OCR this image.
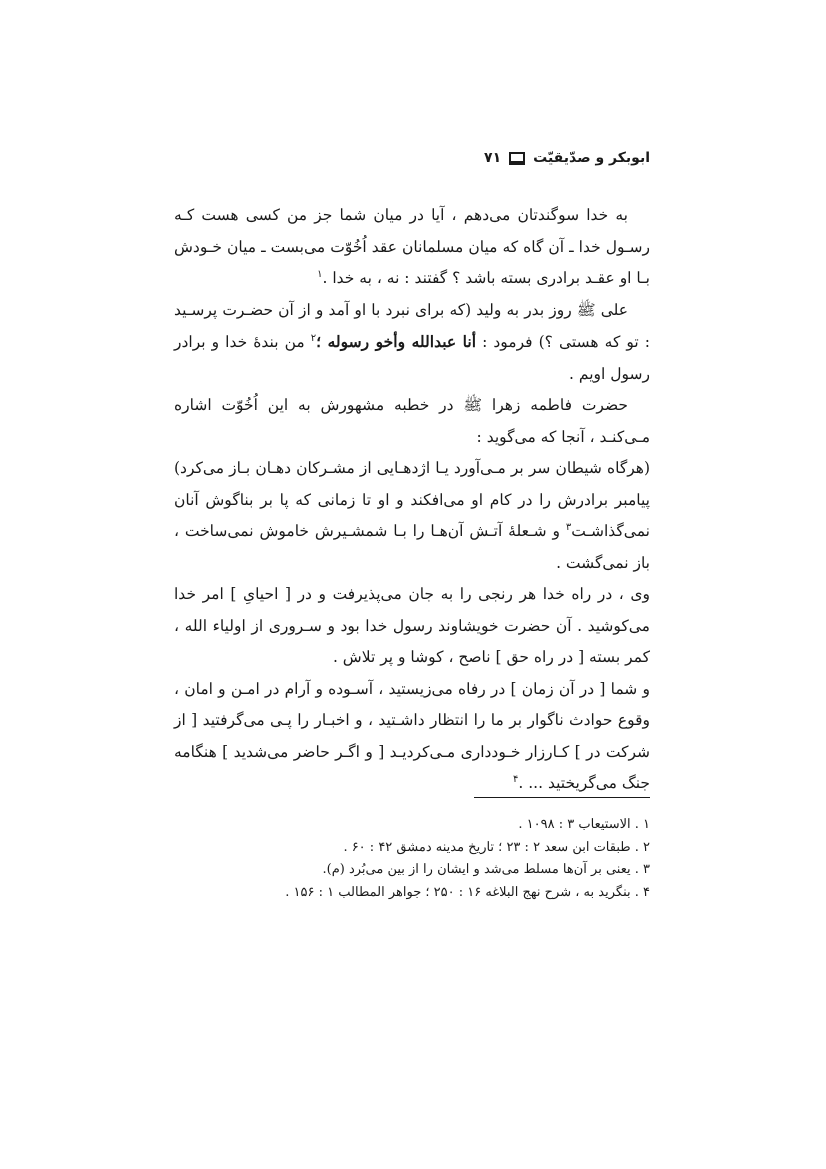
ابوبکر و صدّیقیّت
۷۱

به خدا سوگندتان می‌دهم ، آیا در میان شما جز من کسی هست کـه رسـول خدا ـ آن گاه که میان مسلمانان عقد اُخُوّت می‌بست ـ میان خـودش بـا او عقـد برادری بسته باشد ؟ گفتند : نه ، به خدا .$^۱$

علی ﷺ روز بدر به ولید (که برای نبرد با او آمد و از آن حضـرت پرسـید : تو که هستی ؟) فرمود : أنا عبدالله وأخو رسوله ؛$^۲$ من بندۀ خدا و برادر رسول اویم .

حضرت فاطمه زهرا ﷺ در خطبه مشهورش به این اُخُوّت اشاره مـی‌کنـد ، آنجا که می‌گوید :

(هرگاه شیطان سر بر مـی‌آورد یـا اژدهـایی از مشـرکان دهـان بـاز می‌کرد) پیامبر برادرش را در کام او می‌افکند و او تا زمانی که پا بر بناگوش آنان نمی‌گذاشـت$^۳$ و شـعلۀ آتـش آن‌هـا را بـا شمشـیرش خاموش نمی‌ساخت ، باز نمی‌گشت .

وی ، در راه خدا هر رنجی را به جان می‌پذیرفت و در [ احیایِ ] امر خدا می‌کوشید . آن حضرت خویشاوند رسول خدا بود و سـروری از اولیاء الله ، کمر بسته [ در راه حق ] ناصح ، کوشا و پر تلاش .

و شما [ در آن زمان ] در رفاه می‌زیستید ، آسـوده و آرام در امـن و امان ، وقوع حوادث ناگوار بر ما را انتظار داشـتید ، و اخبـار را پـی می‌گرفتید [ از شرکت در ] کـارزار خـودداری مـی‌کردیـد [ و اگـر حاضر می‌شدید ] هنگامه جنگ می‌گریختید ... .$^۴$

۱ . الاستیعاب ۳ : ۱۰۹۸ .
۲ . طبقات ابن سعد ۲ : ۲۳ ؛ تاریخ مدینه دمشق ۴۲ : ۶۰ .
۳ . یعنی بر آن‌ها مسلط می‌شد و ایشان را از بین می‌بُرد (م).
۴ . بنگرید به ، شرح نهج البلاغه ۱۶ : ۲۵۰ ؛ جواهر المطالب ۱ : ۱۵۶ .
